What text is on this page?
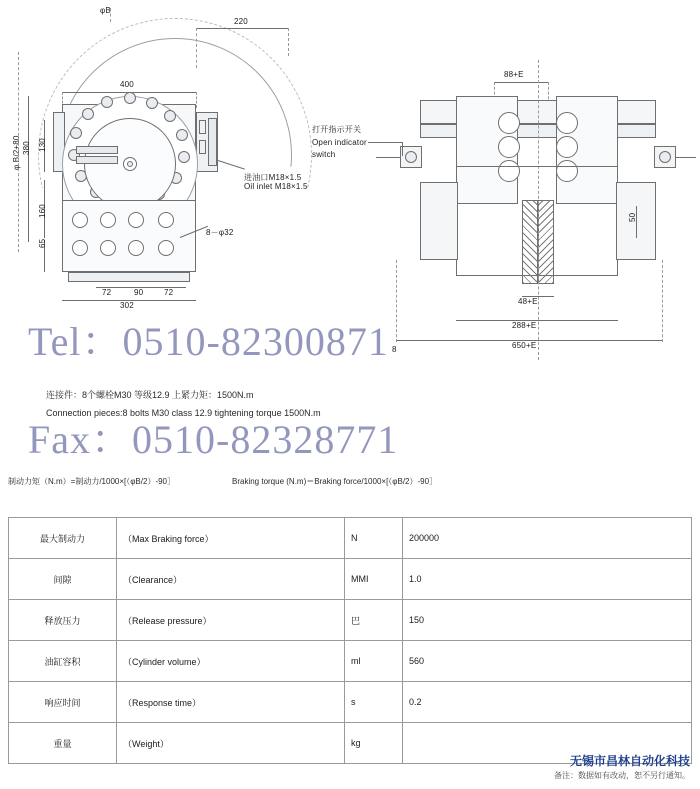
φB
220
400
8－φ32
380 130
160
65
φ B/2+80
72	90	72
302
进油口M18×1.5
Oil inlet M18×1.5
88+E
50
打开指示开关
Open indicator
switch
48+E
288+E
650+E
8
Tel：0510-82300871
Fax：0510-82328771
连接件：8个螺栓M30 等级12.9 上紧力矩：1500N.m
Connection pieces:8 bolts M30 class 12.9 tightening torque 1500N.m
制动力矩（N.m）=制动力/1000×[（φB/2）-90］	Braking torque (N.m)＝Braking force/1000×[（φB/2）-90］
最大制动力	（Max Braking force）	N	200000
间隙	（Clearance）	MMI	1.0
释放压力	（Release pressure）	巴	150
油缸容积	（Cylinder volume）	ml	560
响应时间	（Response time）	s	0.2
重量	（Weight）	kg	
无锡市昌林自动化科技
备注：数据如有改动，恕不另行通知。
